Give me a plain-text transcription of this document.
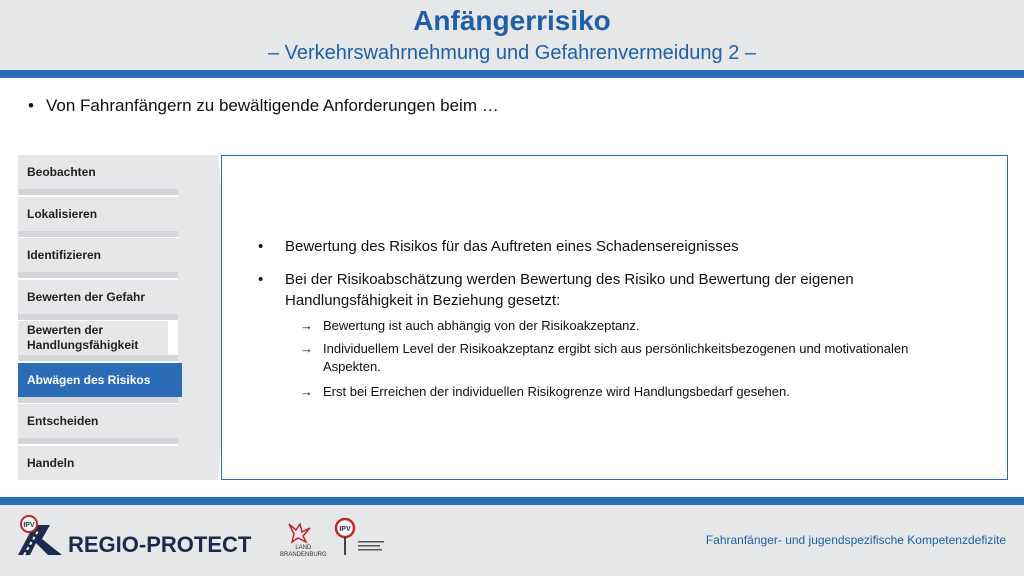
Anfängerrisiko
– Verkehrswahrnehmung und Gefahrenvermeidung 2 –
• Von Fahranfängern zu bewältigende Anforderungen beim …
Beobachten
Lokalisieren
Identifizieren
Bewerten der Gefahr
Bewerten der Handlungsfähigkeit
Abwägen des Risikos
Entscheiden
Handeln
• Bewertung des Risikos für das Auftreten eines Schadensereignisses
• Bei der Risikoabschätzung werden Bewertung des Risiko und Bewertung der eigenen Handlungsfähigkeit in Beziehung gesetzt:
→ Bewertung ist auch abhängig von der Risikoakzeptanz.
→ Individuellem Level der Risikoakzeptanz ergibt sich aus persönlichkeitsbezogenen und motivationalen Aspekten.
→ Erst bei Erreichen der individuellen Risikogrenze wird Handlungsbedarf gesehen.
IPV
REGIO-PROTECT	LAND
BRANDENBURG
IPV
Fahranfänger- und jugendspezifische Kompetenzdefizite
